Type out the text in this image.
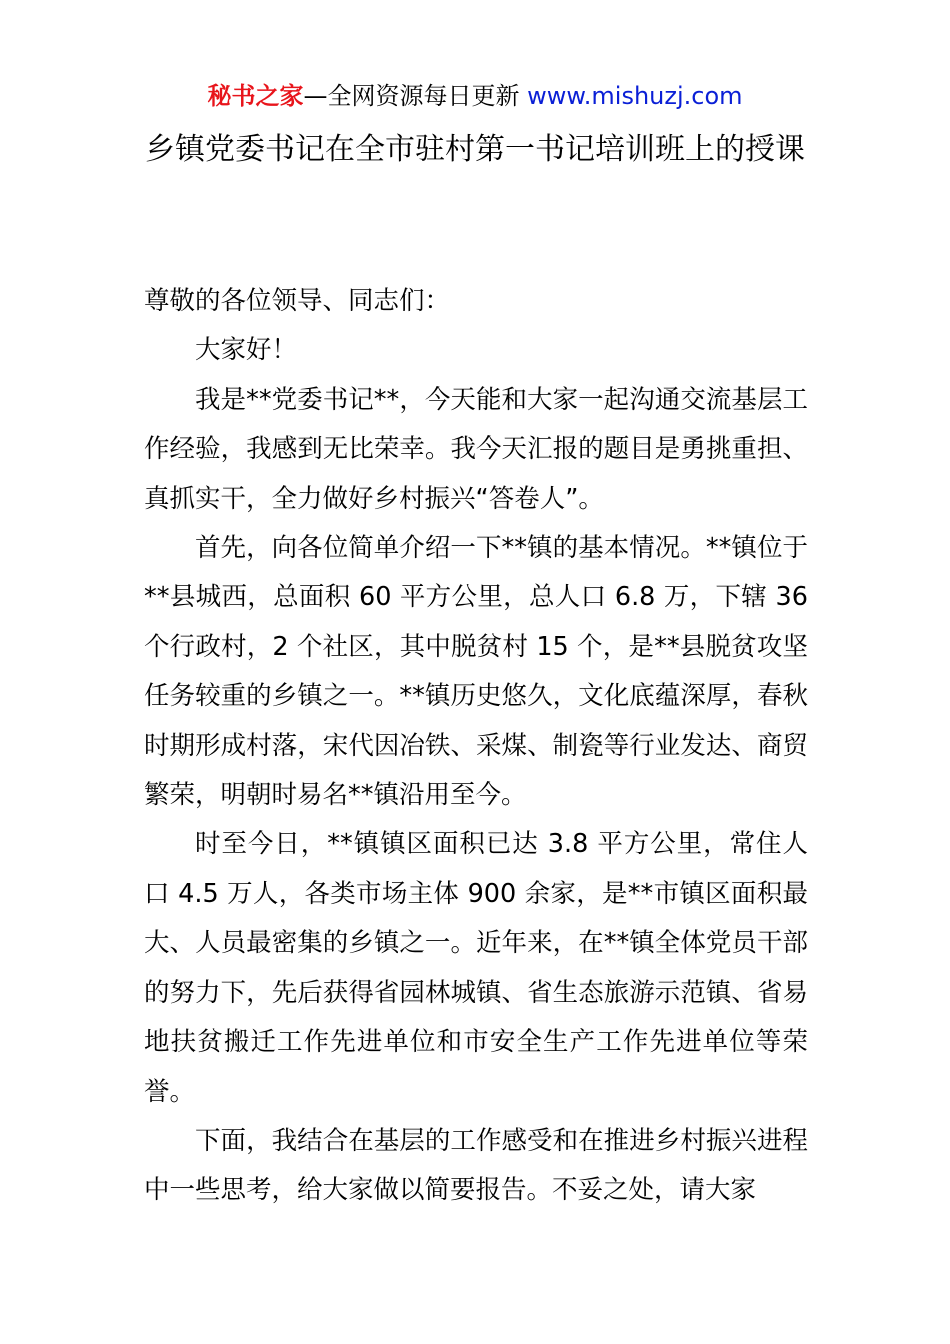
秘书之家—全网资源每日更新 www.mishuzj.com
乡镇党委书记在全市驻村第一书记培训班上的授课

尊敬的各位领导、同志们：

大家好！

我是**党委书记**，今天能和大家一起沟通交流基层工作经验，我感到无比荣幸。我今天汇报的题目是勇挑重担、真抓实干，全力做好乡村振兴“答卷人”。

首先，向各位简单介绍一下**镇的基本情况。**镇位于**县城西，总面积 60 平方公里，总人口 6.8 万，下辖 36 个行政村，2 个社区，其中脱贫村 15 个，是**县脱贫攻坚任务较重的乡镇之一。**镇历史悠久，文化底蕴深厚，春秋时期形成村落，宋代因冶铁、采煤、制瓷等行业发达、商贸繁荣，明朝时易名**镇沿用至今。

时至今日，**镇镇区面积已达 3.8 平方公里，常住人口 4.5 万人，各类市场主体 900 余家，是**市镇区面积最大、人员最密集的乡镇之一。近年来，在**镇全体党员干部的努力下，先后获得省园林城镇、省生态旅游示范镇、省易地扶贫搬迁工作先进单位和市安全生产工作先进单位等荣誉。

下面，我结合在基层的工作感受和在推进乡村振兴进程中一些思考，给大家做以简要报告。不妥之处，请大家
